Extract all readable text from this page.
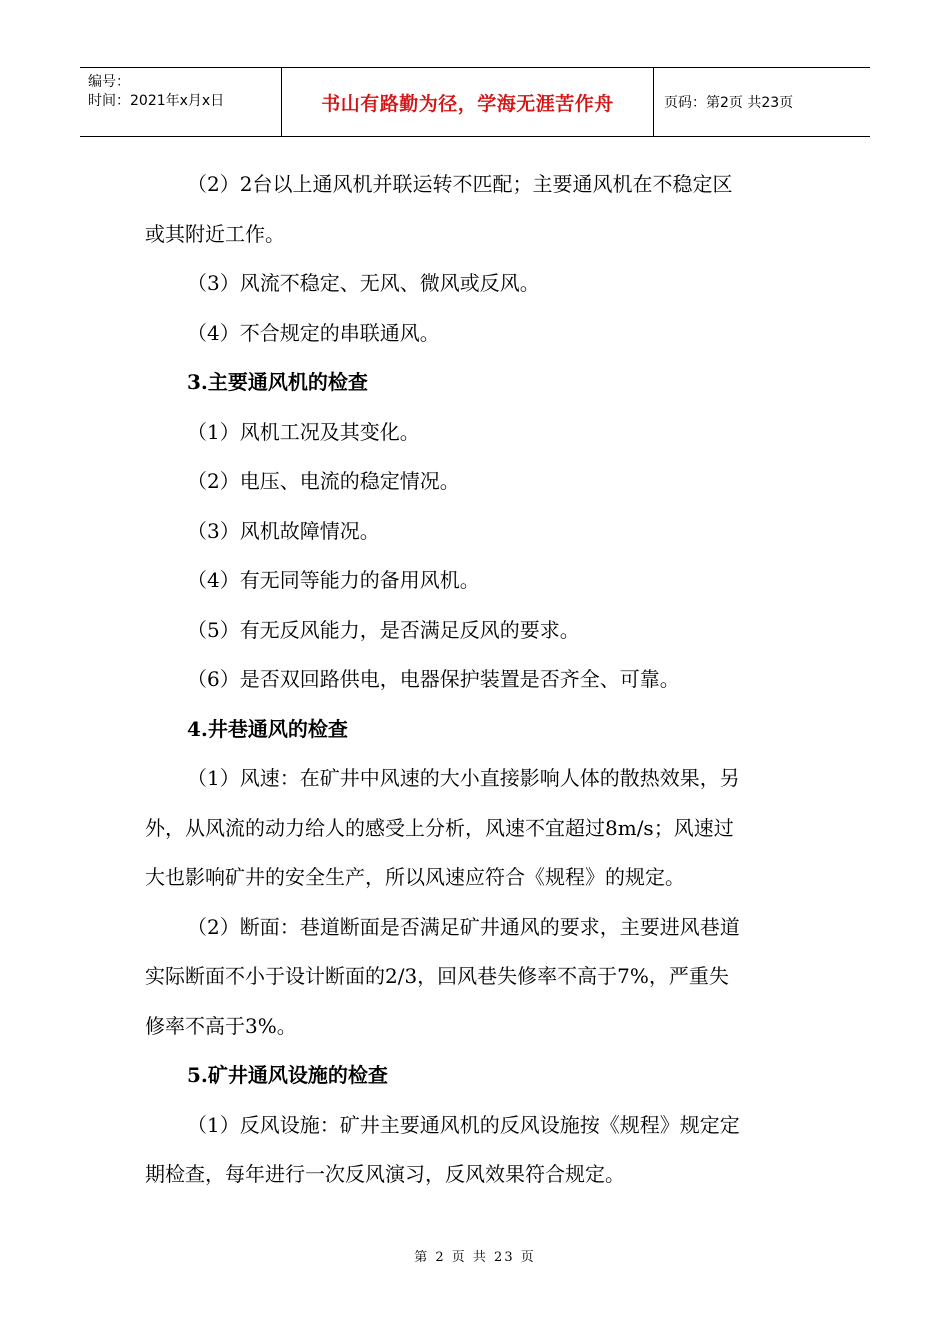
编号：
时间：2021年x月x日	书山有路勤为径，学海无涯苦作舟	页码：第2页 共23页

（2）2台以上通风机并联运转不匹配；主要通风机在不稳定区

或其附近工作。

（3）风流不稳定、无风、微风或反风。

（4）不合规定的串联通风。

3.主要通风机的检查

（1）风机工况及其变化。

（2）电压、电流的稳定情况。

（3）风机故障情况。

（4）有无同等能力的备用风机。

（5）有无反风能力，是否满足反风的要求。

（6）是否双回路供电，电器保护装置是否齐全、可靠。

4.井巷通风的检查

（1）风速：在矿井中风速的大小直接影响人体的散热效果，另

外，从风流的动力给人的感受上分析，风速不宜超过8m/s；风速过

大也影响矿井的安全生产，所以风速应符合《规程》的规定。

（2）断面：巷道断面是否满足矿井通风的要求，主要进风巷道

实际断面不小于设计断面的2/3，回风巷失修率不高于7%，严重失

修率不高于3%。

5.矿井通风设施的检查

（1）反风设施：矿井主要通风机的反风设施按《规程》规定定

期检查，每年进行一次反风演习，反风效果符合规定。

第 2 页 共 23 页
